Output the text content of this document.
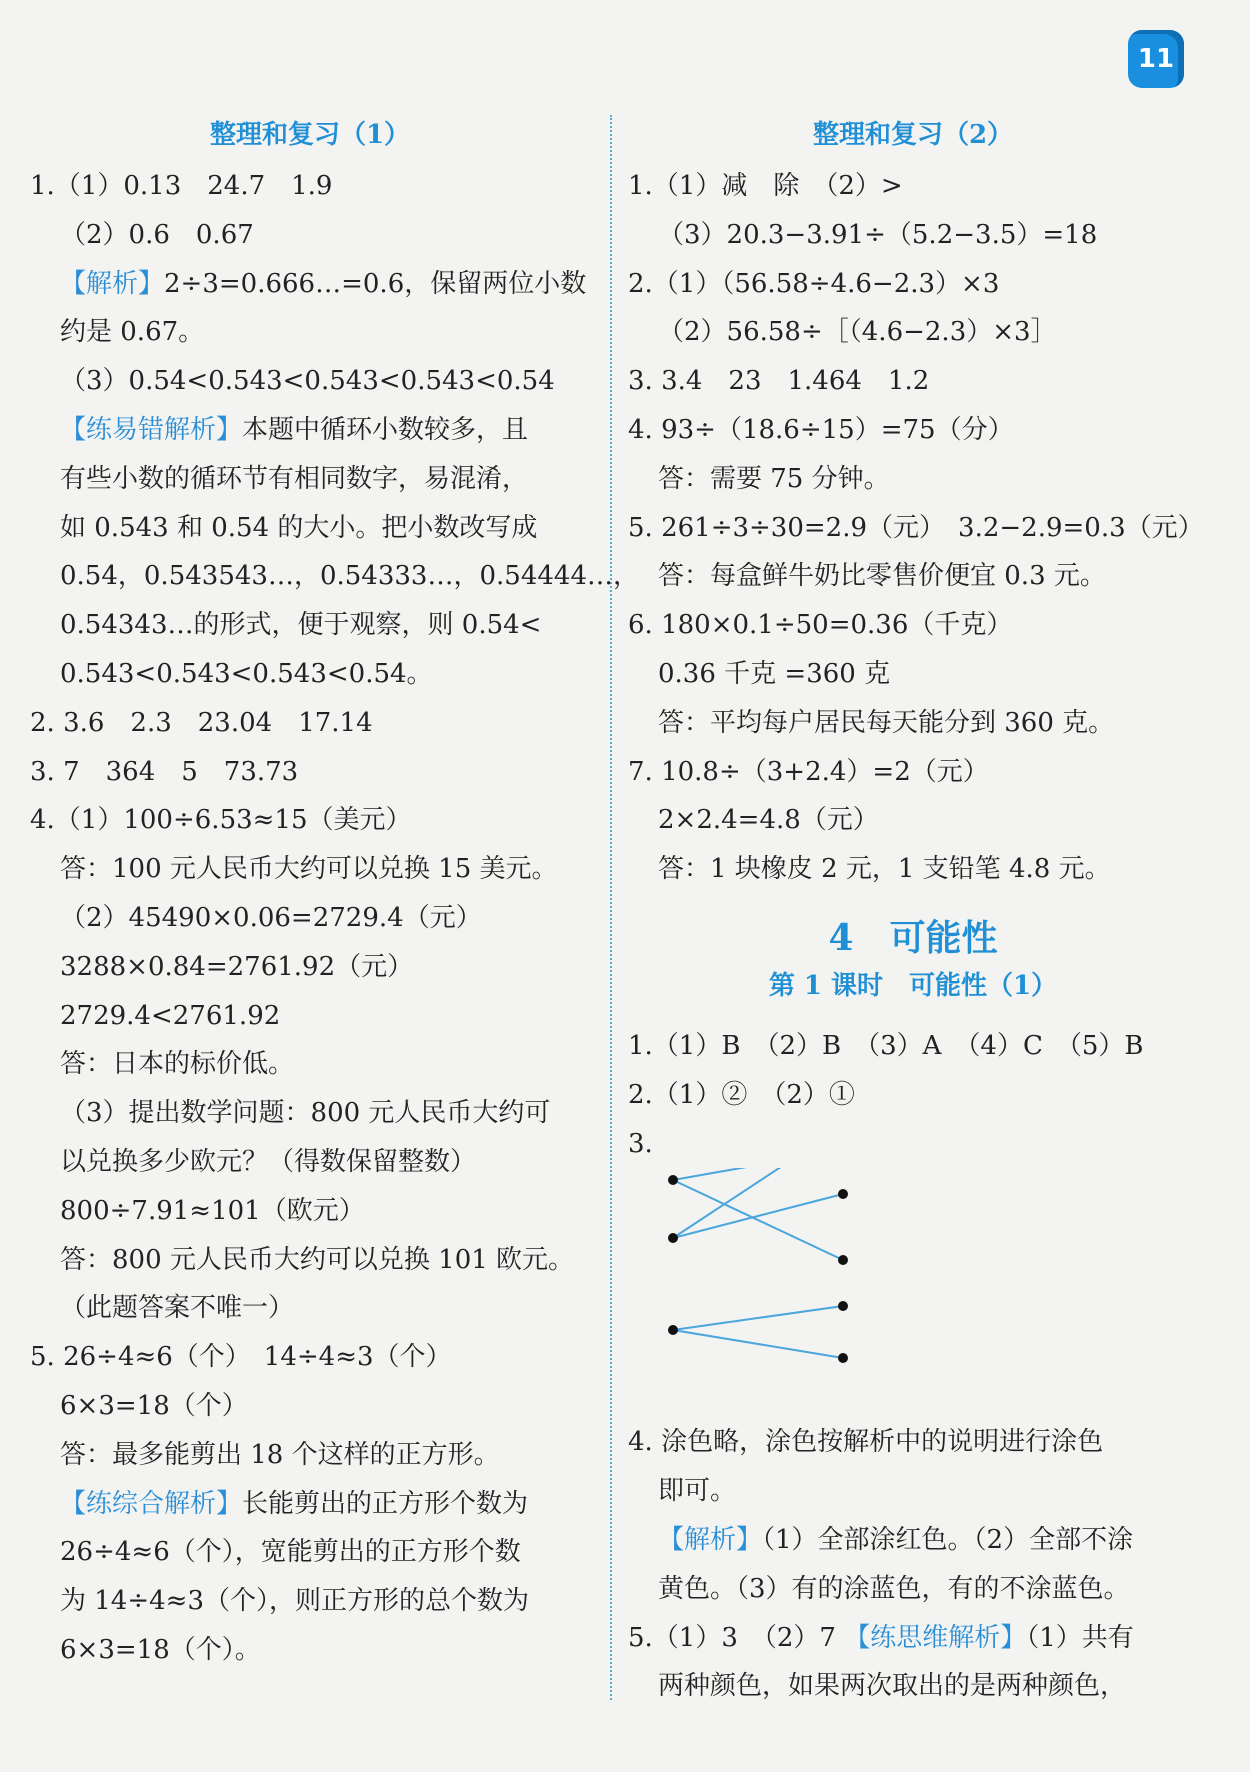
11
整理和复习（1）
1.（1）0.13　24.7　1.9
（2）0.6　0.67
【解析】2÷3=0.666…=0.6，保留两位小数
约是 0.67。
（3）0.54<0.543<0.543<0.543<0.54
【练易错解析】本题中循环小数较多，且
有些小数的循环节有相同数字，易混淆，
如 0.543 和 0.54 的大小。把小数改写成
0.54，0.543543…，0.54333…，0.54444…，
0.54343…的形式，便于观察，则 0.54<
0.543<0.543<0.543<0.54。
2. 3.6　2.3　23.04　17.14
3. 7　364　5　73.73
4.（1）100÷6.53≈15（美元）
答：100 元人民币大约可以兑换 15 美元。
（2）45490×0.06=2729.4（元）
3288×0.84=2761.92（元）
2729.4<2761.92
答：日本的标价低。
（3）提出数学问题：800 元人民币大约可
以兑换多少欧元？（得数保留整数）
800÷7.91≈101（欧元）
答：800 元人民币大约可以兑换 101 欧元。
（此题答案不唯一）
5. 26÷4≈6（个）　14÷4≈3（个）
6×3=18（个）
答：最多能剪出 18 个这样的正方形。
【练综合解析】长能剪出的正方形个数为
26÷4≈6（个），宽能剪出的正方形个数
为 14÷4≈3（个），则正方形的总个数为
6×3=18（个）。
整理和复习（2）
1.（1）减　除　（2）>
（3）20.3−3.91÷（5.2−3.5）=18
2.（1）（56.58÷4.6−2.3）×3
（2）56.58÷［（4.6−2.3）×3］
3. 3.4　23　1.464　1.2
4. 93÷（18.6÷15）=75（分）
答：需要 75 分钟。
5. 261÷3÷30=2.9（元）　3.2−2.9=0.3（元）
答：每盒鲜牛奶比零售价便宜 0.3 元。
6. 180×0.1÷50=0.36（千克）
0.36 千克 =360 克
答：平均每户居民每天能分到 360 克。
7. 10.8÷（3+2.4）=2（元）
2×2.4=4.8（元）
答：1 块橡皮 2 元，1 支铅笔 4.8 元。
4　可能性
第 1 课时　可能性（1）
1.（1）B　（2）B　（3）A　（4）C　（5）B
2.（1）②　（2）①
3.
4. 涂色略，涂色按解析中的说明进行涂色
即可。
【解析】（1）全部涂红色。（2）全部不涂
黄色。（3）有的涂蓝色，有的不涂蓝色。
5.（1）3　（2）7 【练思维解析】（1）共有
两种颜色，如果两次取出的是两种颜色，
